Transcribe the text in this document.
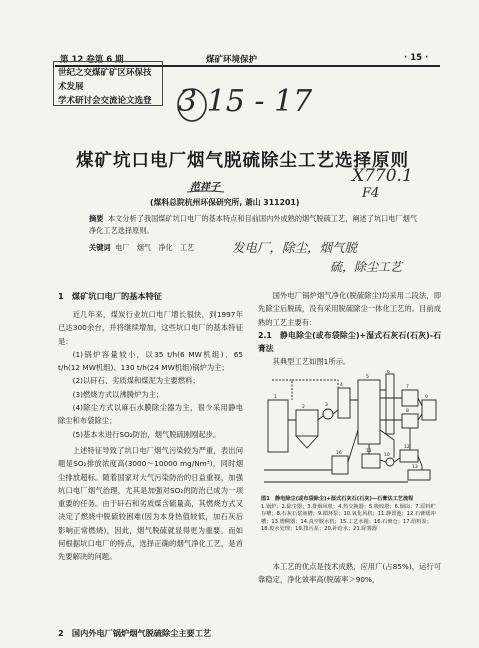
第 12 卷第 6 期	煤矿环境保护	· 15 ·
世纪之交煤矿矿区环保技术发展
学术研讨会交流论文选登 3 15 - 17
X770.1
F4
煤矿坑口电厂烟气脱硫除尘工艺选择原则
范祥子
(煤科总院杭州环保研究所, 萧山 311201)
摘要 本文分析了我国煤矿坑口电厂的基本特点和目前国内外成熟的烟气脱硫工艺，阐述了坑口电厂烟气净化工艺选择原则。
关键词 电厂　烟气　净化　工艺	发电厂，除尘，烟气脱
硫，除尘工艺
1　煤矿坑口电厂的基本特征

近几年来，煤炭行业坑口电厂增长很快，到1997年已达300余台，并将继续增加，这些坑口电厂的基本特征是：

(1)锅炉容量较小，以35 t/h(6 MW机组)、65 t/h(12 MW机组)、130 t/h(24 MW机组)锅炉为主；

(2)以矸石、劣质煤和煤泥为主要燃料；

(3)燃烧方式以沸腾炉为主；

(4)除尘方式以麻石水膜除尘器为主，很少采用静电除尘和布袋除尘；

(5)基本未进行SO₂防治，烟气脱硫刚刚起步。

上述特征导致了坑口电厂烟气污染较为严重，表出问题是SO₂排放浓度高(3000～10000 mg/Nm³)，同时烟尘排放超标。随着国家对大气污染防治的日益重视，加强坑口电厂烟气治理，尤其是加强对SO₂的防治已成为一项重要的任务。由于矸石和劣质煤含硫量高，其燃烧方式又决定了燃烧中脱硫较困难(因为本身热值较低，加石灰后影响正常燃烧)，因此，烟气脱硫就显得更为重要。而如何根据坑口电厂的特点，选择正确的烟气净化工艺，是首先要解决的问题。

2　国内外电厂锅炉烟气脱硫除尘主要工艺

国外电厂锅炉烟气净化(脱硫除尘)均采用二段法，即先除尘后脱硫，没有采用脱硫除尘一体化工艺的。目前成熟的工艺主要有：

2.1　静电除尘(或布袋除尘)+湿式石灰石(石灰)-石膏法

其典型工艺如图1所示。

1
2	3
4
5
6
7
8
9
10
11
12
13
16
图1　静电除尘(或布袋除尘)+湿式石灰石(石灰)—石膏法工艺流程
1.锅炉；2.除尘器；3.排烟风机；4.热交换器；5.吸收塔；6.烟囱；7.原料贮存槽；8.石灰石浆液槽；9.循环泵；10.氧化风机；11.静置池；12.石膏缓冲槽；13.增稠器；14.真空脱水机；15.工艺水箱；16.石膏仓；17.给料泵；18.废水处理；19.排污泵；20.补给水；21.除雾器

本工艺的优点是技术成熟，应用广(占85%)，运行可靠稳定，净化效率高(脱硫率＞90%，
